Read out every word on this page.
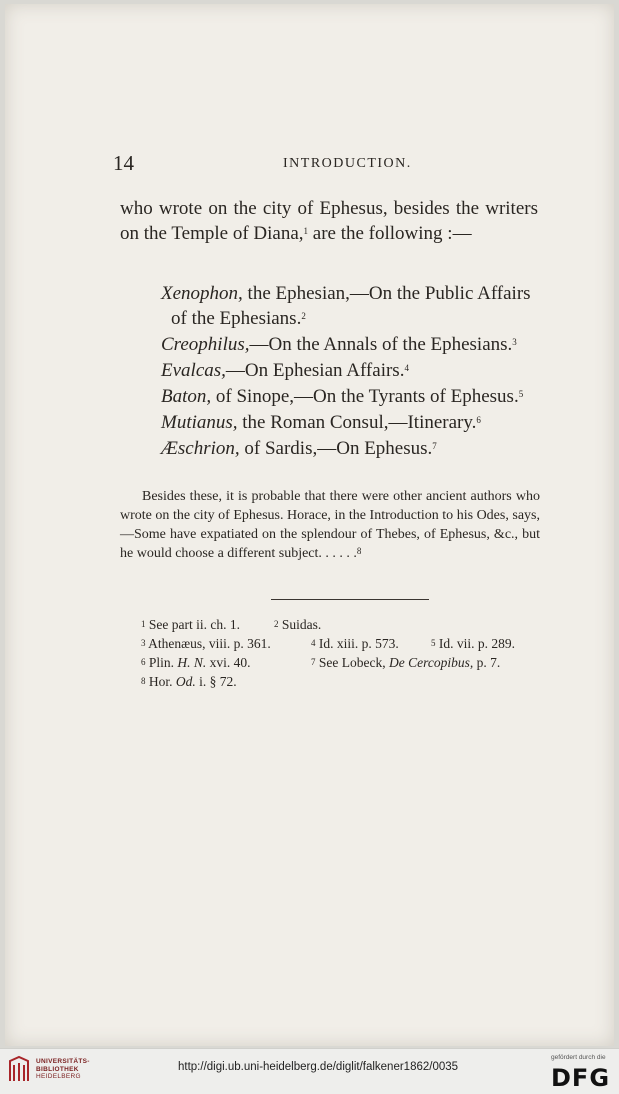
14	INTRODUCTION.

who wrote on the city of Ephesus, besides the writers on the Temple of Diana,$^1$ are the following :—

Xenophon, the Ephesian,—On the Public Affairs
of the Ephesians.$^2$
Creophilus,—On the Annals of the Ephesians.$^3$
Evalcas,—On Ephesian Affairs.$^4$
Baton, of Sinope,—On the Tyrants of Ephesus.$^5$
Mutianus, the Roman Consul,—Itinerary.$^6$
Æschrion, of Sardis,—On Ephesus.$^7$

Besides these, it is probable that there were other ancient authors who wrote on the city of Ephesus. Horace, in the Introduction to his Odes, says,—Some have expatiated on the splendour of Thebes, of Ephesus, &c., but he would choose a different subject. . . . . .$^8$

$^1$ See part ii. ch. 1.	$^2$ Suidas.
$^3$ Athenæus, viii. p. 361.	$^4$ Id. xiii. p. 573.	$^5$ Id. vii. p. 289.
$^6$ Plin. H. N. xvi. 40.	$^7$ See Lobeck, De Cercopibus, p. 7.
$^8$ Hor. Od. i. § 72.
UNIVERSITÄTS-
BIBLIOTHEK
HEIDELBERG
http://digi.ub.uni-heidelberg.de/diglit/falkener1862/0035
gefördert durch die
DFG
